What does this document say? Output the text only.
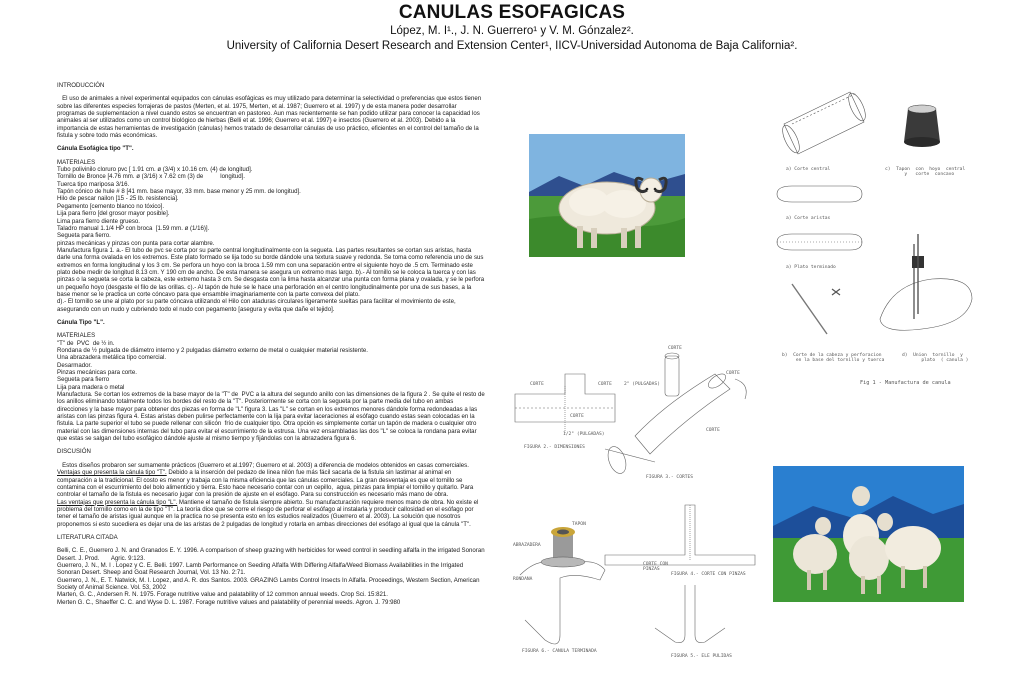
CANULAS ESOFAGICAS
López, M. I¹., J. N. Guerrero¹ y V. M. Gónzalez².
University of California Desert Research and Extension Center¹, IICV-Universidad Autonoma de Baja California².

INTRODUCCIÓN

El uso de animales a nivel experimental equipados con cánulas esofágicas es muy utilizado para determinar la selectividad o preferencias que estos tienen sobre las diferentes especies forrajeras de pastos (Merten, et al. 1975, Merten, et al. 1987; Guerrero et al. 1997) y de esta manera poder desarrollar programas de suplementacion a nivel cuando estos se encuentran en pastoreo. Aun mas recientemente se han podido utilizar para conocer la capacidad los animales al ser utilizados como un control biológico de hierbas (Belli et at. 1996; Guerrero et al. 1997) e insectos (Guerrero et al. 2003). Debido a la importancia de estas herramientas de investigación (cánulas) hemos tratado de desarrollar cánulas de uso práctico, eficientes en el control del tamaño de la fistula y sobre todo más económicas.

Cánula Esofágica tipo "T".

MATERIALES

Tubo polivinilo cloruro pvc [ 1.91 cm. ø (3/4) x 10.16 cm. (4) de longitud].

Tornillo de Bronce [4.76 mm. ø (3/16) x 7.62 cm (3) de          longitud].

Tuerca tipo mariposa 3/16.

Tapón cónico de hule # 8 [41 mm. base mayor, 33 mm. base menor y 25 mm. de longitud].

Hilo de pescar nailon [15 - 25 lb. resistencia].

Pegamento [cemento blanco no tóxico].

Lija para fierro [del grosor mayor posible].

Lima para fierro diente grueso.

Taladro manual 1.1/4 HP con broca  [1.59 mm. ø (1/16)].

Segueta para fierro.

pinzas mecánicas y pinzas con punta para cortar alambre.

Manufactura figura 1. a.- El tubo de pvc se corta por su parte central longitudinalmente con la segueta. Las partes resultantes se cortan sus aristas, hasta darle una forma ovalada en los extremos. Este plato formado se lija todo su borde dándole una textura suave y redonda. Se toma como referencia uno de sus extremos en forma longitudinal y los 3 cm. Se perfora un hoyo con la broca 1.59 mm con una separación entre el siguiente hoyo de .5 cm. Terminado este plato debe medir de longitud 8.13 cm. Y 190 cm de ancho. De esta manera se asegura un extremo mas largo. b).- Al tornillo se le coloca la tuerca y con las pinzas o la segueta se corta la cabeza, este extremo hasta 3 cm. Se desgasta con la lima hasta alcanzar una punta con forma plana y ovalada, y se le perfora un pequeño hoyo (desgaste el filo de las orillas. c).- Al tapón de hule se le hace una perforación en el centro longitudinalmente por una de sus bases, a la base menor se le practica un corte cóncavo para que ensamble imaginariamente con la parte convexa del plato.
d).- El tornillo se une al plato por su parte cóncava utilizando el Hilo con ataduras circulares ligeramente sueltas para facilitar el movimiento de este, asegurando con un nudo y cubriendo todo el nudo con pegamento [asegura y evita que dañe el tejido].

Cánula Tipo "L".

MATERIALES

"T" de  PVC  de ½ in.

Rondana de ½ pulgada de diámetro interno y 2 pulgadas diámetro externo de metal o cualquier material resistente.

Una abrazadera metálica tipo comercial.

Desarmador.

Pinzas mecánicas para corte.

Segueta para fierro

Lija para madera o metal

Manufactura. Se cortan los extremos de la base mayor de la "T" de  PVC a la altura del segundo anillo con las dimensiones de la figura 2 . Se quite el resto de los anillos eliminando totalmente todos los bordes del resto de la "T". Posteriormente se corta con la segueta por la parte media del tubo en ambas direcciones y la base mayor para obtener dos piezas en forma de "L" figura 3. Las "L" se cortan en los extremos menores dándole forma redondeadas a las aristas con las pinzas figura 4. Estas aristas deben pulirse perfectamente con la lija para evitar laceraciones al esófago cuando estas sean colocadas en la fistula. La parte superior el tubo se puede rellenar con silicón  frío de cualquier tipo. Otra opción es simplemente cortar un tapón de madera o cualquier otro material con las dimensiones internas del tubo para evitar el escurrimiento de la estrusa. Una vez ensambladas las dos "L" se coloca la rondana para evitar que estas se salgan del tubo esofágico dándole ajuste al mismo tiempo y fijándolas con la abrazadera figura 6.

DISCUSIÓN

Estos diseños probaron ser sumamente prácticos (Guerrero et al.1997; Guerrero et al. 2003) a diferencia de modelos obtenidos en casas comerciales.

Ventajas que presenta la cánula tipo "T". Debido a la inserción del pedazo de linea nilón fue más fácil sacarla de la fistula sin lastimar al animal en comparación a la tradicional. El costo es menor y trabaja con la misma eficiencia que las cánulas comerciales. La gran desventaja es que el tornillo se contamina con el escurrimiento del bolo alimenticio y tierra. Esto hace necesario contar con un cepillo,  agua, pinzas para limpiar el tornillo y quitarlo. Para controlar el tamaño de la fistula es necesario jugar con la presión de ajuste en el esófago. Para su construcción es necesario más mano de obra.

Las ventajas que presenta la cánula tipo "L". Mantiene el tamaño de fistula siempre abierto. Su manufacturación requiere menos mano de obra. No existe el problema del tornillo como en la de tipo "T". La teoría dice que se corre el riesgo de perforar el esófago al instalarla y producir callosidad en el esófago por tener el tamaño de aristas igual aunque en la practica no se presenta esto en los estudios realizados (Guerrero et al. 2003). La solución que nosotros proponemos si esto sucediera es dejar una de las aristas de 2 pulgadas de longitud y rotarla en ambas direcciones del esófago al igual que la cánula "T".

LITERATURA CITADA

Belli, C. E., Guerrero J. N. and Granados E. Y. 1996. A comparison of sheep grazing with herbicides for weed control in seedling alfalfa in the irrigated Sonoran Desert. J. Prod.       Agric. 9:123.

Guerrero, J. N., M. I . Lopez y C. E. Belli. 1997. Lamb Performance on Seeding Alfalfa With Differing Alfalfa/Weed Biomass Availabilities in the Irrigated Sonoran Desert. Sheep and Goat Research Journal, Vol. 13 No. 2:71.

Guerrero, J. N., E. T. Natwick, M. I. Lopez, and A. R. dos Santos. 2003. GRAZING Lambs Control Insects In Alfalfa. Proceedings, Western Section, American Society of Animal Science. Vol. 53, 2002

Marten, G. C., Andersen R. N. 1975. Forage nutritive value and palatability of 12 common annual weeds. Crop Sci. 15:821.

Merten G. C., Shaeffer C. C. and Wyse D. L. 1987. Forage nutritive values and palatability of perennial weeds. Agron. J. 79:980

a) Corte central	c)  Tapon  con  hoyo  central
y   corte  concavo
a) Corte aristas
a) Plato terminado
b)  Corte de la cabeza y perforacion
en la base del tornillo y tuerca
d)  Union  tornillo  y
plato  ( canula )
Fig 1 - Manufactura de canula
CORTE
CORTE
CORTE	CORTE	2" (PULGADAS)
CORTE
1/2" (PULGADAS)
CORTE
FIGURA 2.- DIMENSIONES
FIGURA 3.- CORTES
TAPON
ABRAZADERA
RONDANA
CORTE CON
PINZAS
FIGURA 4.- CORTE CON PINZAS
FIGURA 5.- ELE PULIDAS
FIGURA 6.- CANULA TERMINADA
